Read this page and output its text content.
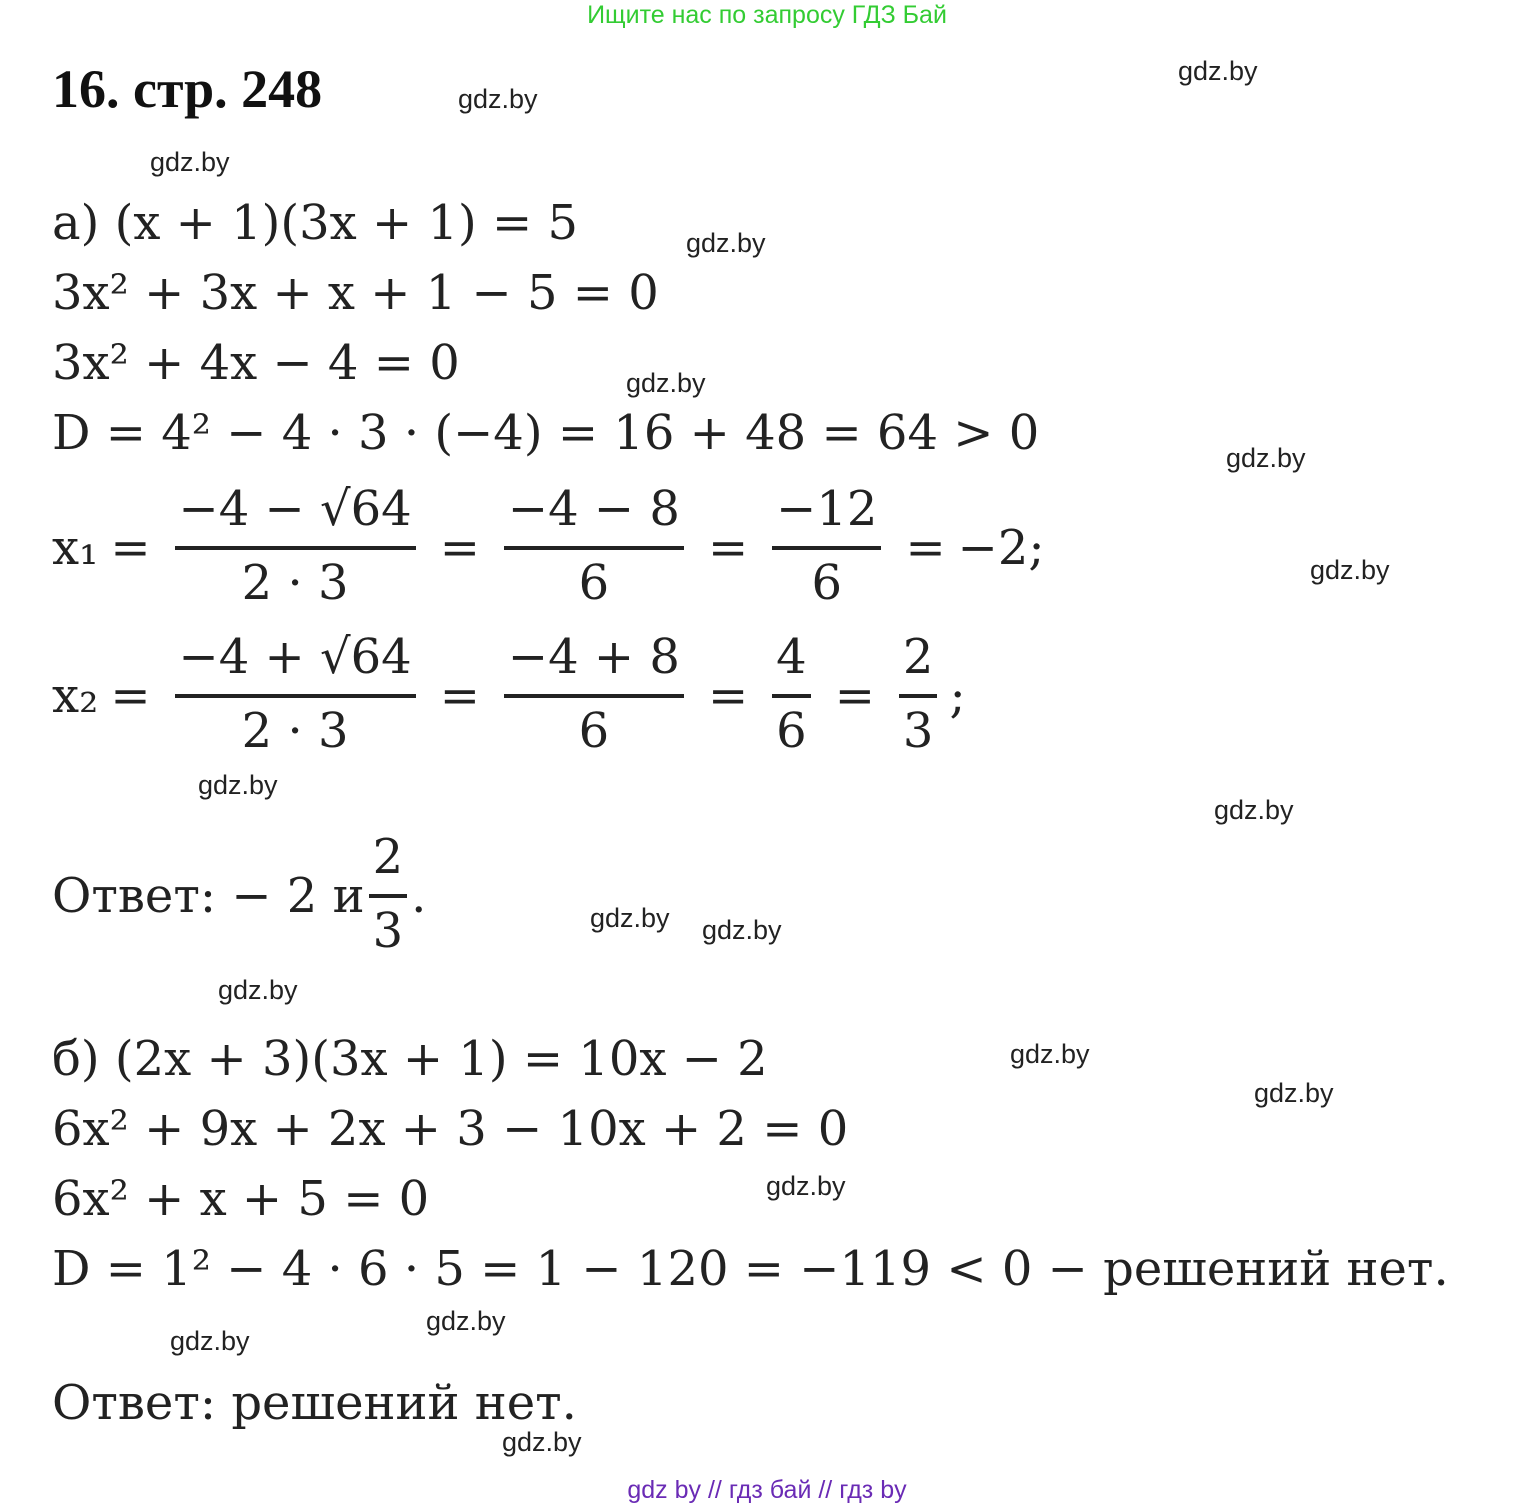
Ищите нас по запросу ГДЗ Бай
16. стр. 248	gdz.by
gdz.by
gdz.by
gdz.by
gdz.by
gdz.by
gdz.by
gdz.by
gdz.by
gdz.by gdz.by
gdz.by
gdz.by
gdz.by
gdz.by
gdz.by
gdz.by
gdz.by
а)
(x + 1)(3x + 1) = 5
3x² + 3x + x + 1 − 5 = 0
3x² + 4x − 4 = 0
D = 4² − 4 · 3 · (−4) = 16 + 48 = 64 > 0
$x_1 = \frac{-4 - √64}{2 \cdot 3} = \frac{-4 - 8}{6} = \frac{-12}{6} = -2$;
$x_2 = \frac{-4 + √64}{2 \cdot 3} = \frac{-4 + 8}{6} = \frac{4}{6} = \frac{2}{3}$ ;
Ответ:
− 2 и $\frac{2}{3}$ .
б)
(2x + 3)(3x + 1) = 10x − 2
6x² + 9x + 2x + 3 − 10x + 2 = 0
6x² + x + 5 = 0
D = 1² − 4 · 6 · 5 = 1 − 120 = −119 < 0 − решений нет.
Ответ: решений нет.
gdz by // гдз бай // гдз by
